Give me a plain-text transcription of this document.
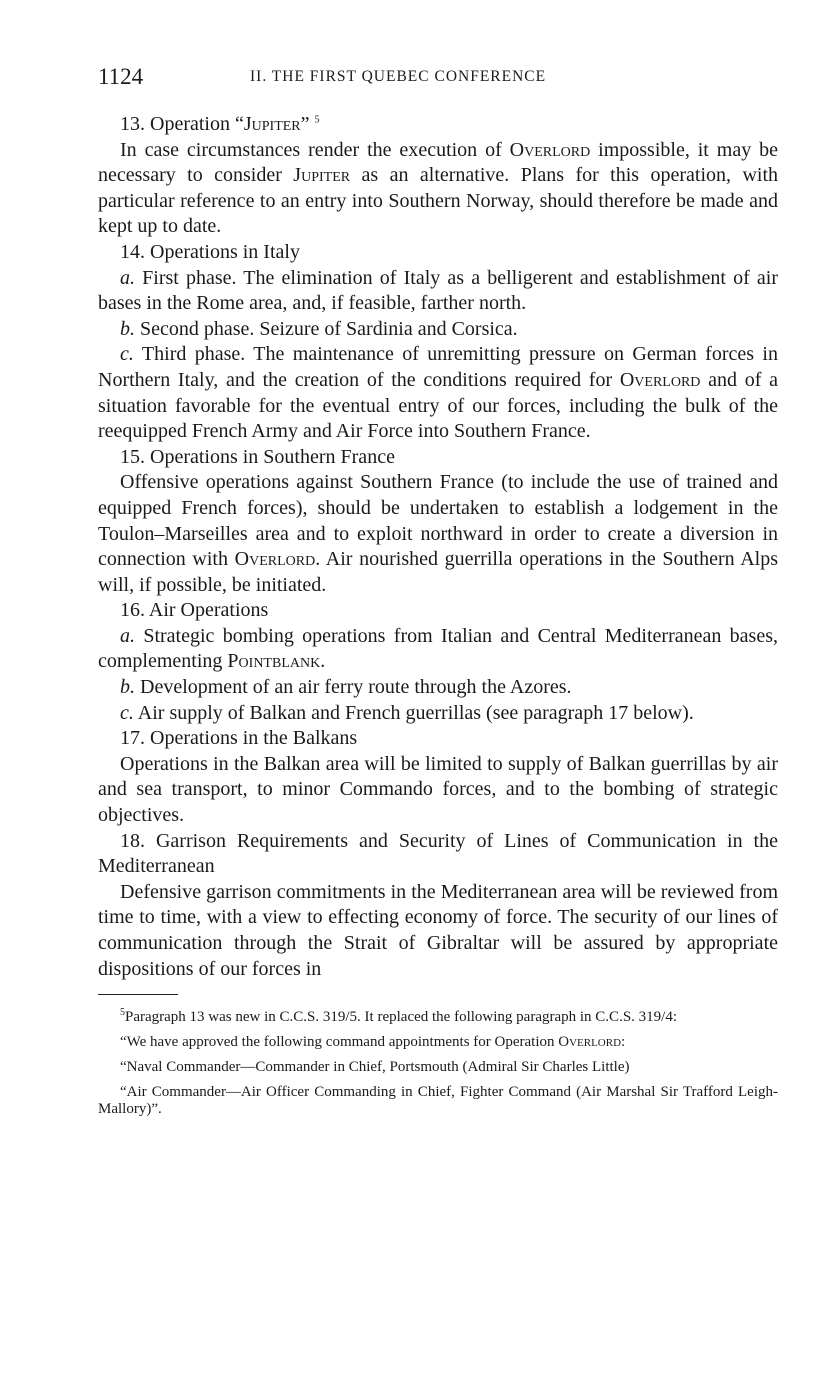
1124	II. THE FIRST QUEBEC CONFERENCE

13. Operation “Jupiter” $^5$

In case circumstances render the execution of Overlord impossible, it may be necessary to consider Jupiter as an alternative. Plans for this operation, with particular reference to an entry into Southern Norway, should therefore be made and kept up to date.

14. Operations in Italy

a. First phase. The elimination of Italy as a belligerent and establishment of air bases in the Rome area, and, if feasible, farther north.

b. Second phase. Seizure of Sardinia and Corsica.

c. Third phase. The maintenance of unremitting pressure on German forces in Northern Italy, and the creation of the conditions required for Overlord and of a situation favorable for the eventual entry of our forces, including the bulk of the reequipped French Army and Air Force into Southern France.

15. Operations in Southern France

Offensive operations against Southern France (to include the use of trained and equipped French forces), should be undertaken to establish a lodgement in the Toulon–Marseilles area and to exploit northward in order to create a diversion in connection with Overlord. Air nourished guerrilla operations in the Southern Alps will, if possible, be initiated.

16. Air Operations

a. Strategic bombing operations from Italian and Central Mediterranean bases, complementing Pointblank.

b. Development of an air ferry route through the Azores.

c. Air supply of Balkan and French guerrillas (see paragraph 17 below).

17. Operations in the Balkans

Operations in the Balkan area will be limited to supply of Balkan guerrillas by air and sea transport, to minor Commando forces, and to the bombing of strategic objectives.

18. Garrison Requirements and Security of Lines of Communication in the Mediterranean

Defensive garrison commitments in the Mediterranean area will be reviewed from time to time, with a view to effecting economy of force. The security of our lines of communication through the Strait of Gibraltar will be assured by appropriate dispositions of our forces in

$^5$Paragraph 13 was new in C.C.S. 319/5. It replaced the following paragraph in C.C.S. 319/4:

“We have approved the following command appointments for Operation Overlord:

“Naval Commander—Commander in Chief, Portsmouth (Admiral Sir Charles Little)

“Air Commander—Air Officer Commanding in Chief, Fighter Command (Air Marshal Sir Trafford Leigh-Mallory)”.
